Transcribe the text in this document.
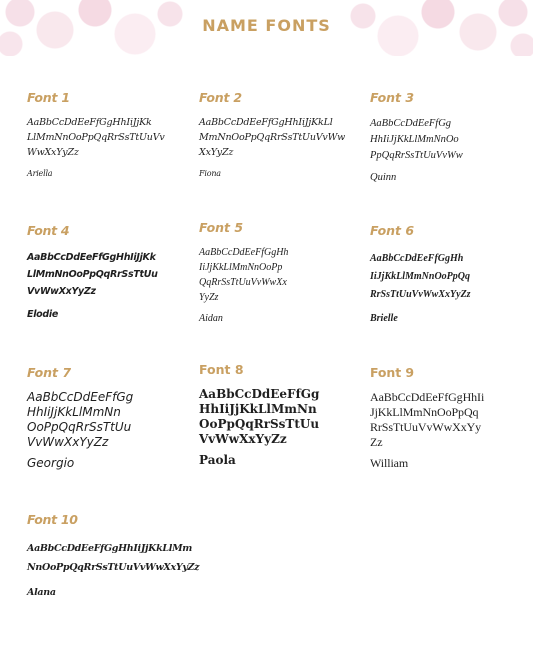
NAME FONTS
Font 1
AaBbCcDdEeFfGgHhIiJjKk
LlMmNnOoPpQqRrSsTtUuVv
WwXxYyZz
Ariella
Font 2
AaBbCcDdEeFfGgHhIiJjKkLl
MmNnOoPpQqRrSsTtUuVvWw
XxYyZz
Fiona
Font 3
AaBbCcDdEeFfGg
HhIiJjKkLlMmNnOo
PpQqRrSsTtUuVvWw
Quinn
Font 4
AaBbCcDdEeFfGgHhIiJjKk
LlMmNnOoPpQqRrSsTtUu
VvWwXxYyZz
Elodie
Font 5
AaBbCcDdEeFfGgHh
IiJjKkLlMmNnOoPp
QqRrSsTtUuVvWwXx
YyZz
Aidan
Font 6
AaBbCcDdEeFfGgHh
IiJjKkLlMmNnOoPpQq
RrSsTtUuVvWwXxYyZz
Brielle
Font 7
AaBbCcDdEeFfGg
HhIiJjKkLlMmNn
OoPpQqRrSsTtUu
VvWwXxYyZz
Georgio
Font 8
AaBbCcDdEeFfGg
HhIiJjKkLlMmNn
OoPpQqRrSsTtUu
VvWwXxYyZz
Paola
Font 9
AaBbCcDdEeFfGgHhIi
JjKkLlMmNnOoPpQq
RrSsTtUuVvWwXxYy
Zz
William
Font 10
AaBbCcDdEeFfGgHhIiJjKkLlMm
NnOoPpQqRrSsTtUuVvWwXxYyZz
Alana
